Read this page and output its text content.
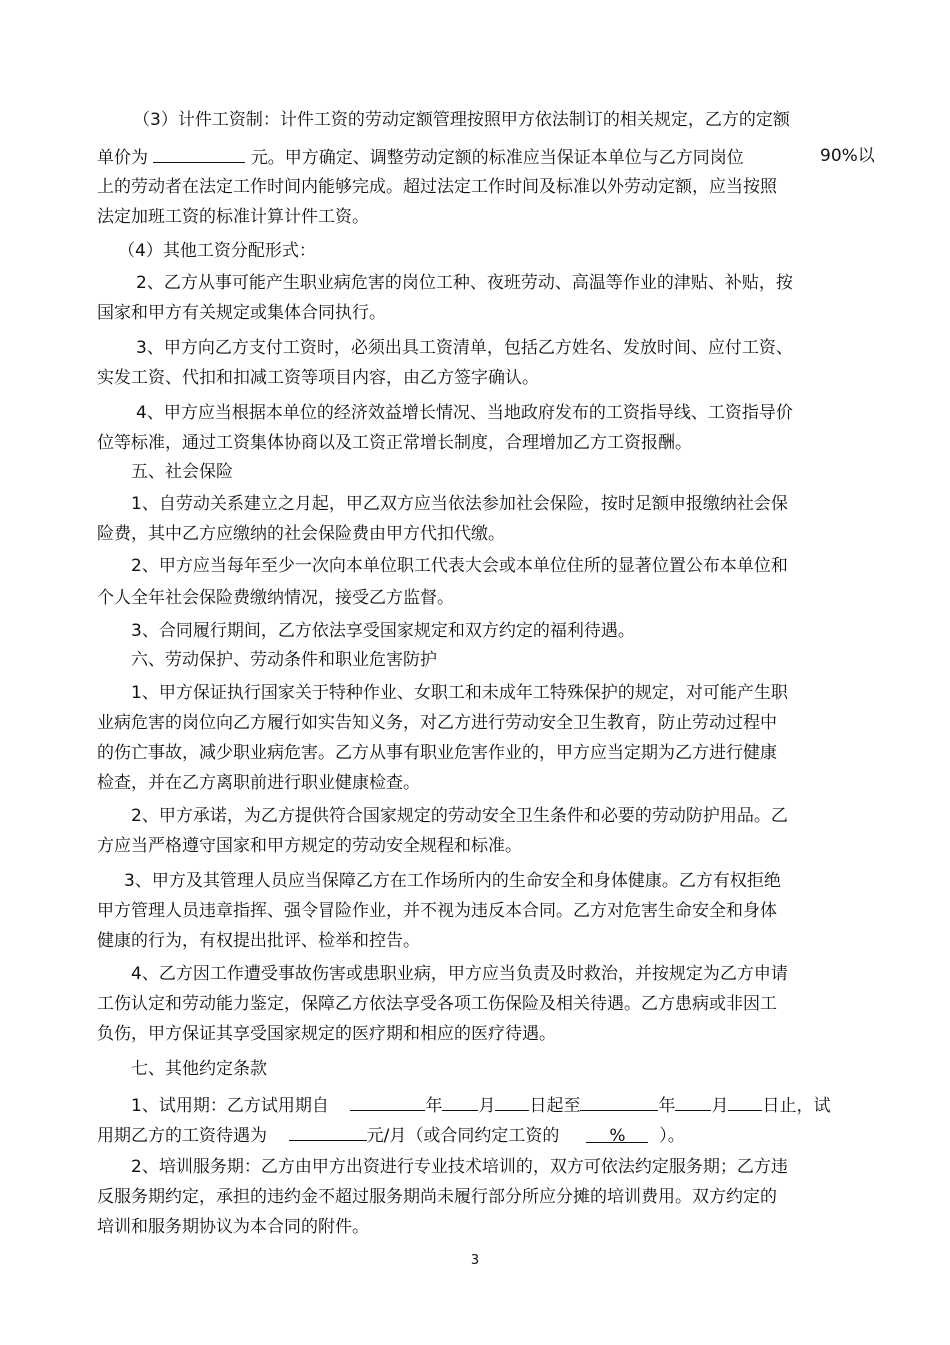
（3）计件工资制：计件工资的劳动定额管理按照甲方依法制订的相关规定，乙方的定额
单价为	元。甲方确定、调整劳动定额的标准应当保证本单位与乙方同岗位	90%以
上的劳动者在法定工作时间内能够完成。超过法定工作时间及标准以外劳动定额，应当按照
法定加班工资的标准计算计件工资。
（4）其他工资分配形式：
2、乙方从事可能产生职业病危害的岗位工种、夜班劳动、高温等作业的津贴、补贴，按
国家和甲方有关规定或集体合同执行。
3、甲方向乙方支付工资时，必须出具工资清单，包括乙方姓名、发放时间、应付工资、
实发工资、代扣和扣减工资等项目内容，由乙方签字确认。
4、甲方应当根据本单位的经济效益增长情况、当地政府发布的工资指导线、工资指导价
位等标准，通过工资集体协商以及工资正常增长制度，合理增加乙方工资报酬。
五、社会保险
1、自劳动关系建立之月起，甲乙双方应当依法参加社会保险，按时足额申报缴纳社会保
险费，其中乙方应缴纳的社会保险费由甲方代扣代缴。
2、甲方应当每年至少一次向本单位职工代表大会或本单位住所的显著位置公布本单位和
个人全年社会保险费缴纳情况，接受乙方监督。
3、合同履行期间，乙方依法享受国家规定和双方约定的福利待遇。
六、劳动保护、劳动条件和职业危害防护
1、甲方保证执行国家关于特种作业、女职工和未成年工特殊保护的规定，对可能产生职
业病危害的岗位向乙方履行如实告知义务，对乙方进行劳动安全卫生教育，防止劳动过程中
的伤亡事故，减少职业病危害。乙方从事有职业危害作业的，甲方应当定期为乙方进行健康
检查，并在乙方离职前进行职业健康检查。
2、甲方承诺，为乙方提供符合国家规定的劳动安全卫生条件和必要的劳动防护用品。乙
方应当严格遵守国家和甲方规定的劳动安全规程和标准。
3、甲方及其管理人员应当保障乙方在工作场所内的生命安全和身体健康。乙方有权拒绝
甲方管理人员违章指挥、强令冒险作业，并不视为违反本合同。乙方对危害生命安全和身体
健康的行为，有权提出批评、检举和控告。
4、乙方因工作遭受事故伤害或患职业病，甲方应当负责及时救治，并按规定为乙方申请
工伤认定和劳动能力鉴定，保障乙方依法享受各项工伤保险及相关待遇。乙方患病或非因工
负伤，甲方保证其享受国家规定的医疗期和相应的医疗待遇。
七、其他约定条款
1、试用期：乙方试用期自	年 月 日起至	年 月 日止，试
用期乙方的工资待遇为	元/月（或合同约定工资的	% ）。
2、培训服务期：乙方由甲方出资进行专业技术培训的，双方可依法约定服务期；乙方违
反服务期约定，承担的违约金不超过服务期尚未履行部分所应分摊的培训费用。双方约定的
培训和服务期协议为本合同的附件。
3
